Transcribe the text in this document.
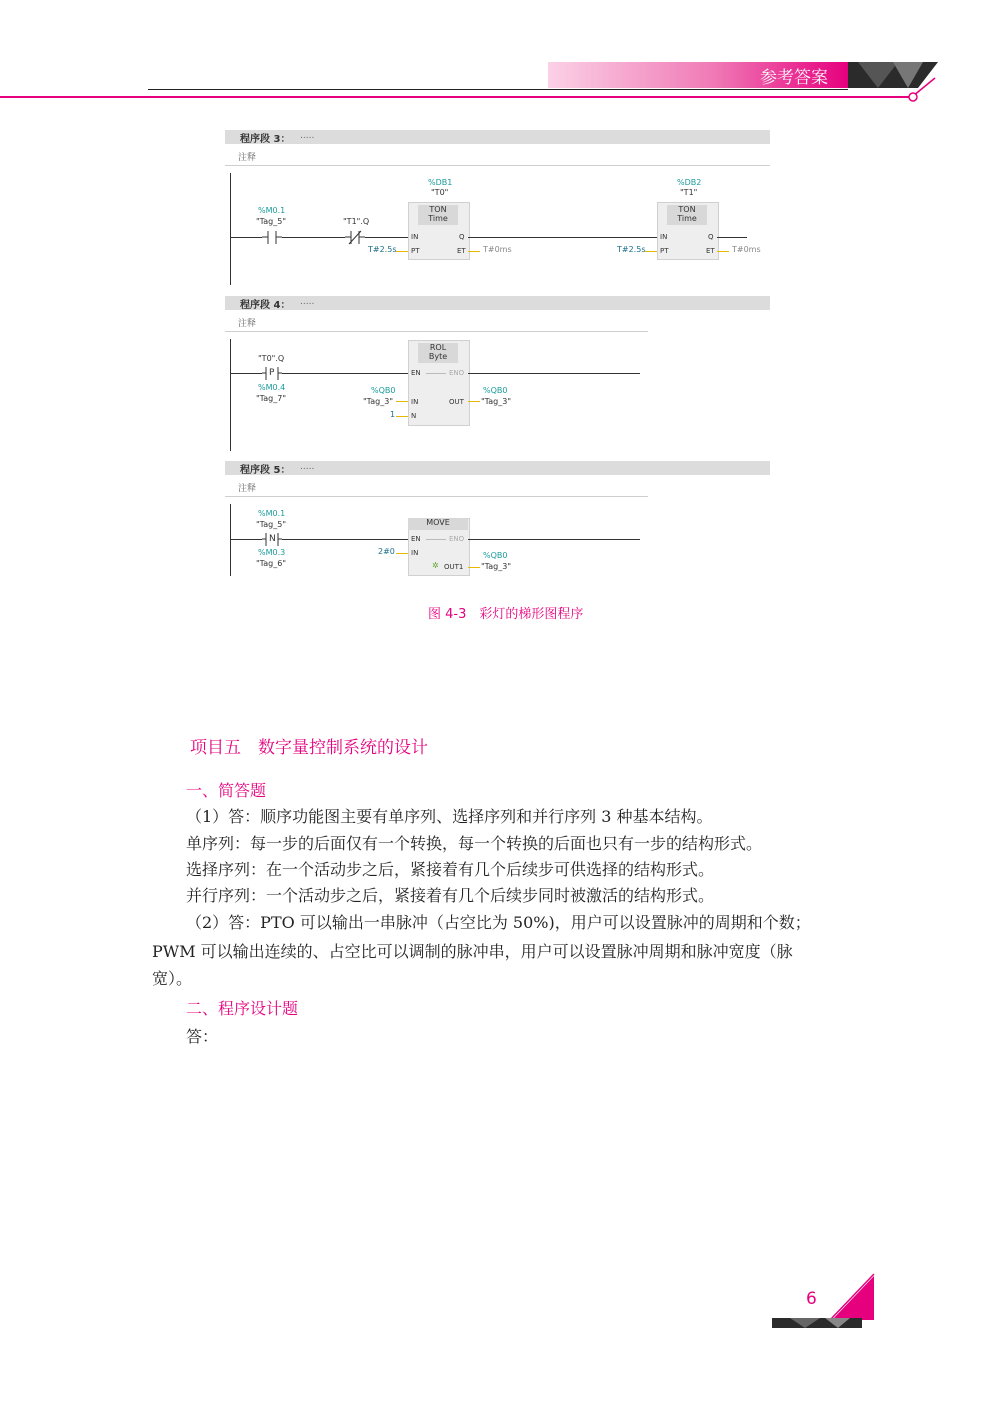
参考答案
程序段 3： .....
注释
%M0.1
"Tag_5"	"T1".Q
%DB1
"T0"
TON
Time
IN	Q
PT	ET
T#2.5s	T#0ms
%DB2
"T1"
TON
Time
IN	Q
PT	ET
T#2.5s	T#0ms
程序段 4： .....
注释
"T0".Q
P
%M0.4
"Tag_7"
ROL
Byte
EN	ENO
%QB0
"Tag_3"	IN	OUT
%QB0
"Tag_3"
1 N
程序段 5： .....
注释
%M0.1
"Tag_5"
N
%M0.3
"Tag_6"
MOVE
EN	ENO
2#0 IN
✲ OUT1
%QB0
"Tag_3"
图 4-3　彩灯的梯形图程序
项目五　数字量控制系统的设计
一、简答题
（1）答：顺序功能图主要有单序列、选择序列和并行序列 3 种基本结构。
单序列：每一步的后面仅有一个转换，每一个转换的后面也只有一步的结构形式。
选择序列：在一个活动步之后，紧接着有几个后续步可供选择的结构形式。
并行序列：一个活动步之后，紧接着有几个后续步同时被激活的结构形式。
（2）答：PTO 可以输出一串脉冲（占空比为 50%)，用户可以设置脉冲的周期和个数；
PWM 可以输出连续的、占空比可以调制的脉冲串，用户可以设置脉冲周期和脉冲宽度（脉
宽）。
二、程序设计题
答：
6
